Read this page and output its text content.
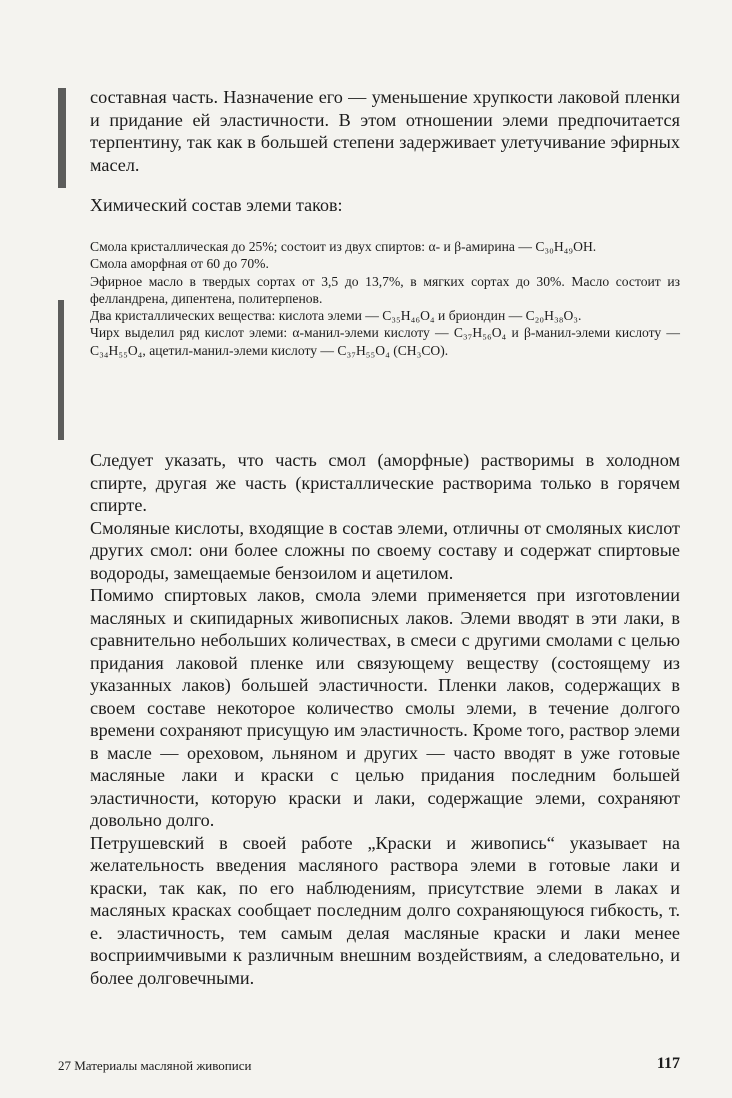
составная часть. Назначение его — уменьшение хрупкости лаковой пленки и придание ей эластичности. В этом отношении элеми предпочитается терпентину, так как в большей степени задерживает улетучивание эфирных масел.

Химический состав элеми таков:

Смола кристаллическая до 25%; состоит из двух спиртов: α- и β-амирина — C₃₀H₄₉OH.

Смола аморфная от 60 до 70%.

Эфирное масло в твердых сортах от 3,5 до 13,7%, в мягких сортах до 30%. Масло состоит из фелландрена, дипентена, политерпенов.

Два кристаллических вещества: кислота элеми — C₃₅H₄₆O₄ и бриондин — C₂₀H₃₈O₃.

Чирх выделил ряд кислот элеми: α-манил-элеми кислоту — C₃₇H₅₆O₄ и β-манил-элеми кислоту — C₃₄H₅₅O₄, ацетил-манил-элеми кислоту — C₃₇H₅₅O₄ (CH₃CO).

Следует указать, что часть смол (аморфные) растворимы в холодном спирте, другая же часть (кристаллические растворима только в горячем спирте.

Смоляные кислоты, входящие в состав элеми, отличны от смоляных кислот других смол: они более сложны по своему составу и содержат спиртовые водороды, замещаемые бензоилом и ацетилом.

Помимо спиртовых лаков, смола элеми применяется при изготовлении масляных и скипидарных живописных лаков. Элеми вводят в эти лаки, в сравнительно небольших количествах, в смеси с другими смолами с целью придания лаковой пленке или связующему веществу (состоящему из указанных лаков) большей эластичности. Пленки лаков, содержащих в своем составе некоторое количество смолы элеми, в течение долгого времени сохраняют присущую им эластичность. Кроме того, раствор элеми в масле — ореховом, льняном и других — часто вводят в уже готовые масляные лаки и краски с целью придания последним большей эластичности, которую краски и лаки, содержащие элеми, сохраняют довольно долго.

Петрушевский в своей работе „Краски и живопись“ указывает на желательность введения масляного раствора элеми в готовые лаки и краски, так как, по его наблюдениям, присутствие элеми в лаках и масляных красках сообщает последним долго сохраняющуюся гибкость, т. е. эластичность, тем самым делая масляные краски и лаки менее восприимчивыми к различным внешним воздействиям, а следовательно, и более долговечными.

27 Материалы масляной живописи	117
